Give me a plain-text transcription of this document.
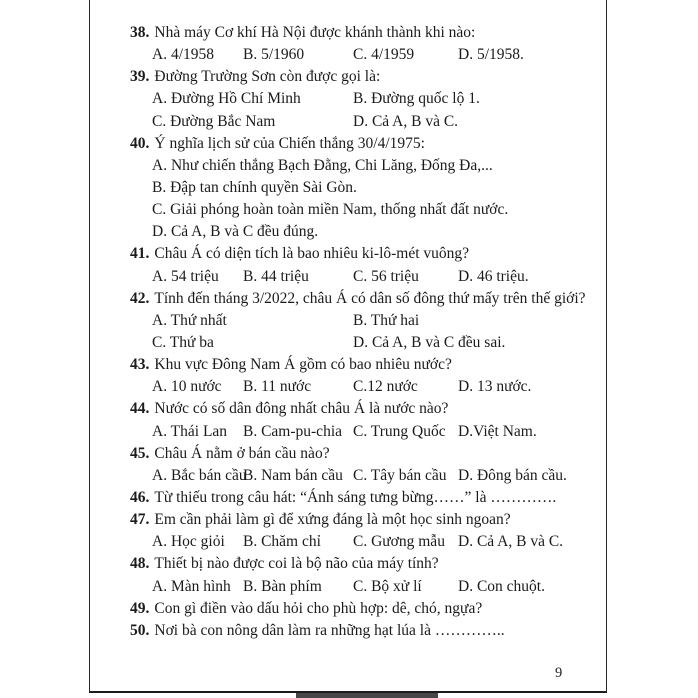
38. Nhà máy Cơ khí Hà Nội được khánh thành khi nào:
A. 4/1958 B. 5/1960	C. 4/1959	D. 5/1958.
39. Đường Trường Sơn còn được gọi là:
A. Đường Hồ Chí Minh	B. Đường quốc lộ 1.
C. Đường Bắc Nam	D. Cả A, B và C.
40. Ý nghĩa lịch sử của Chiến thắng 30/4/1975:
A. Như chiến thắng Bạch Đằng, Chi Lăng, Đống Đa,...
B. Đập tan chính quyền Sài Gòn.
C. Giải phóng hoàn toàn miền Nam, thống nhất đất nước.
D. Cả A, B và C đều đúng.
41. Châu Á có diện tích là bao nhiêu ki-lô-mét vuông?
A. 54 triệu B. 44 triệu	C. 56 triệu	D. 46 triệu.
42. Tính đến tháng 3/2022, châu Á có dân số đông thứ mấy trên thế giới?
A. Thứ nhất	B. Thứ hai
C. Thứ ba	D. Cả A, B và C đều sai.
43. Khu vực Đông Nam Á gồm có bao nhiêu nước?
A. 10 nước B. 11 nước	C.12 nước	D. 13 nước.
44. Nước có số dân đông nhất châu Á là nước nào?
A. Thái Lan B. Cam-pu-chia C. Trung Quốc D.Việt Nam.
45. Châu Á nằm ở bán cầu nào?
A. Bắc bán cầu
B. Nam bán cầu C. Tây bán cầu D. Đông bán cầu.
46. Từ thiếu trong câu hát: “Ánh sáng tưng bừng……” là ………….
47. Em cần phải làm gì để xứng đáng là một học sinh ngoan?
A. Học giỏi B. Chăm chỉ C. Gương mẫu D. Cả A, B và C.
48. Thiết bị nào được coi là bộ não của máy tính?
A. Màn hình B. Bàn phím C. Bộ xử lí D. Con chuột.
49. Con gì điền vào dấu hỏi cho phù hợp: dê, chó, ngựa?
50. Nơi bà con nông dân làm ra những hạt lúa là …………..
9
